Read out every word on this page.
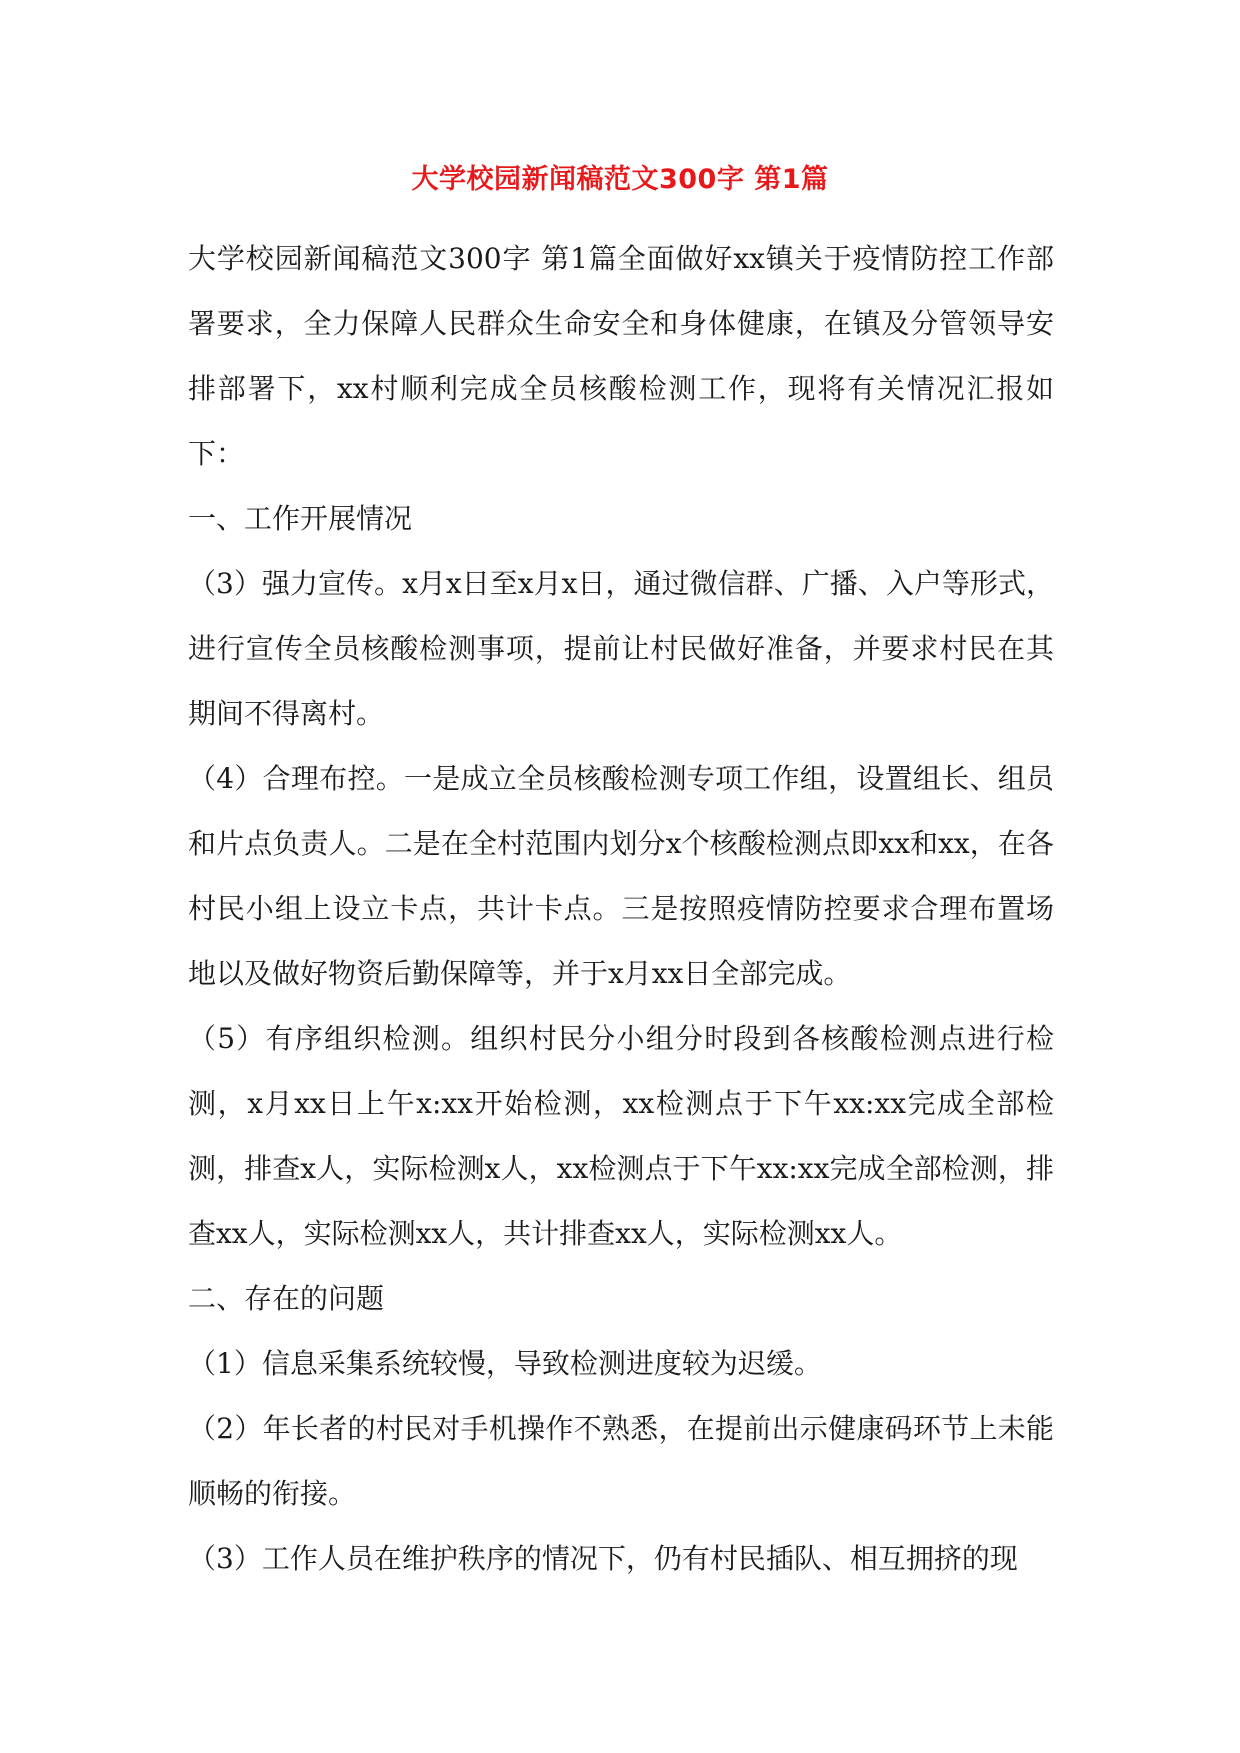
大学校园新闻稿范文300字 第1篇

大学校园新闻稿范文300字 第1篇全面做好xx镇关于疫情防控工作部署要求，全力保障人民群众生命安全和身体健康，在镇及分管领导安排部署下，xx村顺利完成全员核酸检测工作，现将有关情况汇报如下：

一、工作开展情况

（3）强力宣传。x月x日至x月x日，通过微信群、广播、入户等形式，进行宣传全员核酸检测事项，提前让村民做好准备，并要求村民在其期间不得离村。

（4）合理布控。一是成立全员核酸检测专项工作组，设置组长、组员和片点负责人。二是在全村范围内划分x个核酸检测点即xx和xx，在各村民小组上设立卡点，共计卡点。三是按照疫情防控要求合理布置场地以及做好物资后勤保障等，并于x月xx日全部完成。

（5）有序组织检测。组织村民分小组分时段到各核酸检测点进行检测，x月xx日上午x:xx开始检测，xx检测点于下午xx:xx完成全部检测，排查x人，实际检测x人，xx检测点于下午xx:xx完成全部检测，排查xx人，实际检测xx人，共计排查xx人，实际检测xx人。

二、存在的问题

（1）信息采集系统较慢，导致检测进度较为迟缓。

（2）年长者的村民对手机操作不熟悉，在提前出示健康码环节上未能顺畅的衔接。

（3）工作人员在维护秩序的情况下，仍有村民插队、相互拥挤的现
